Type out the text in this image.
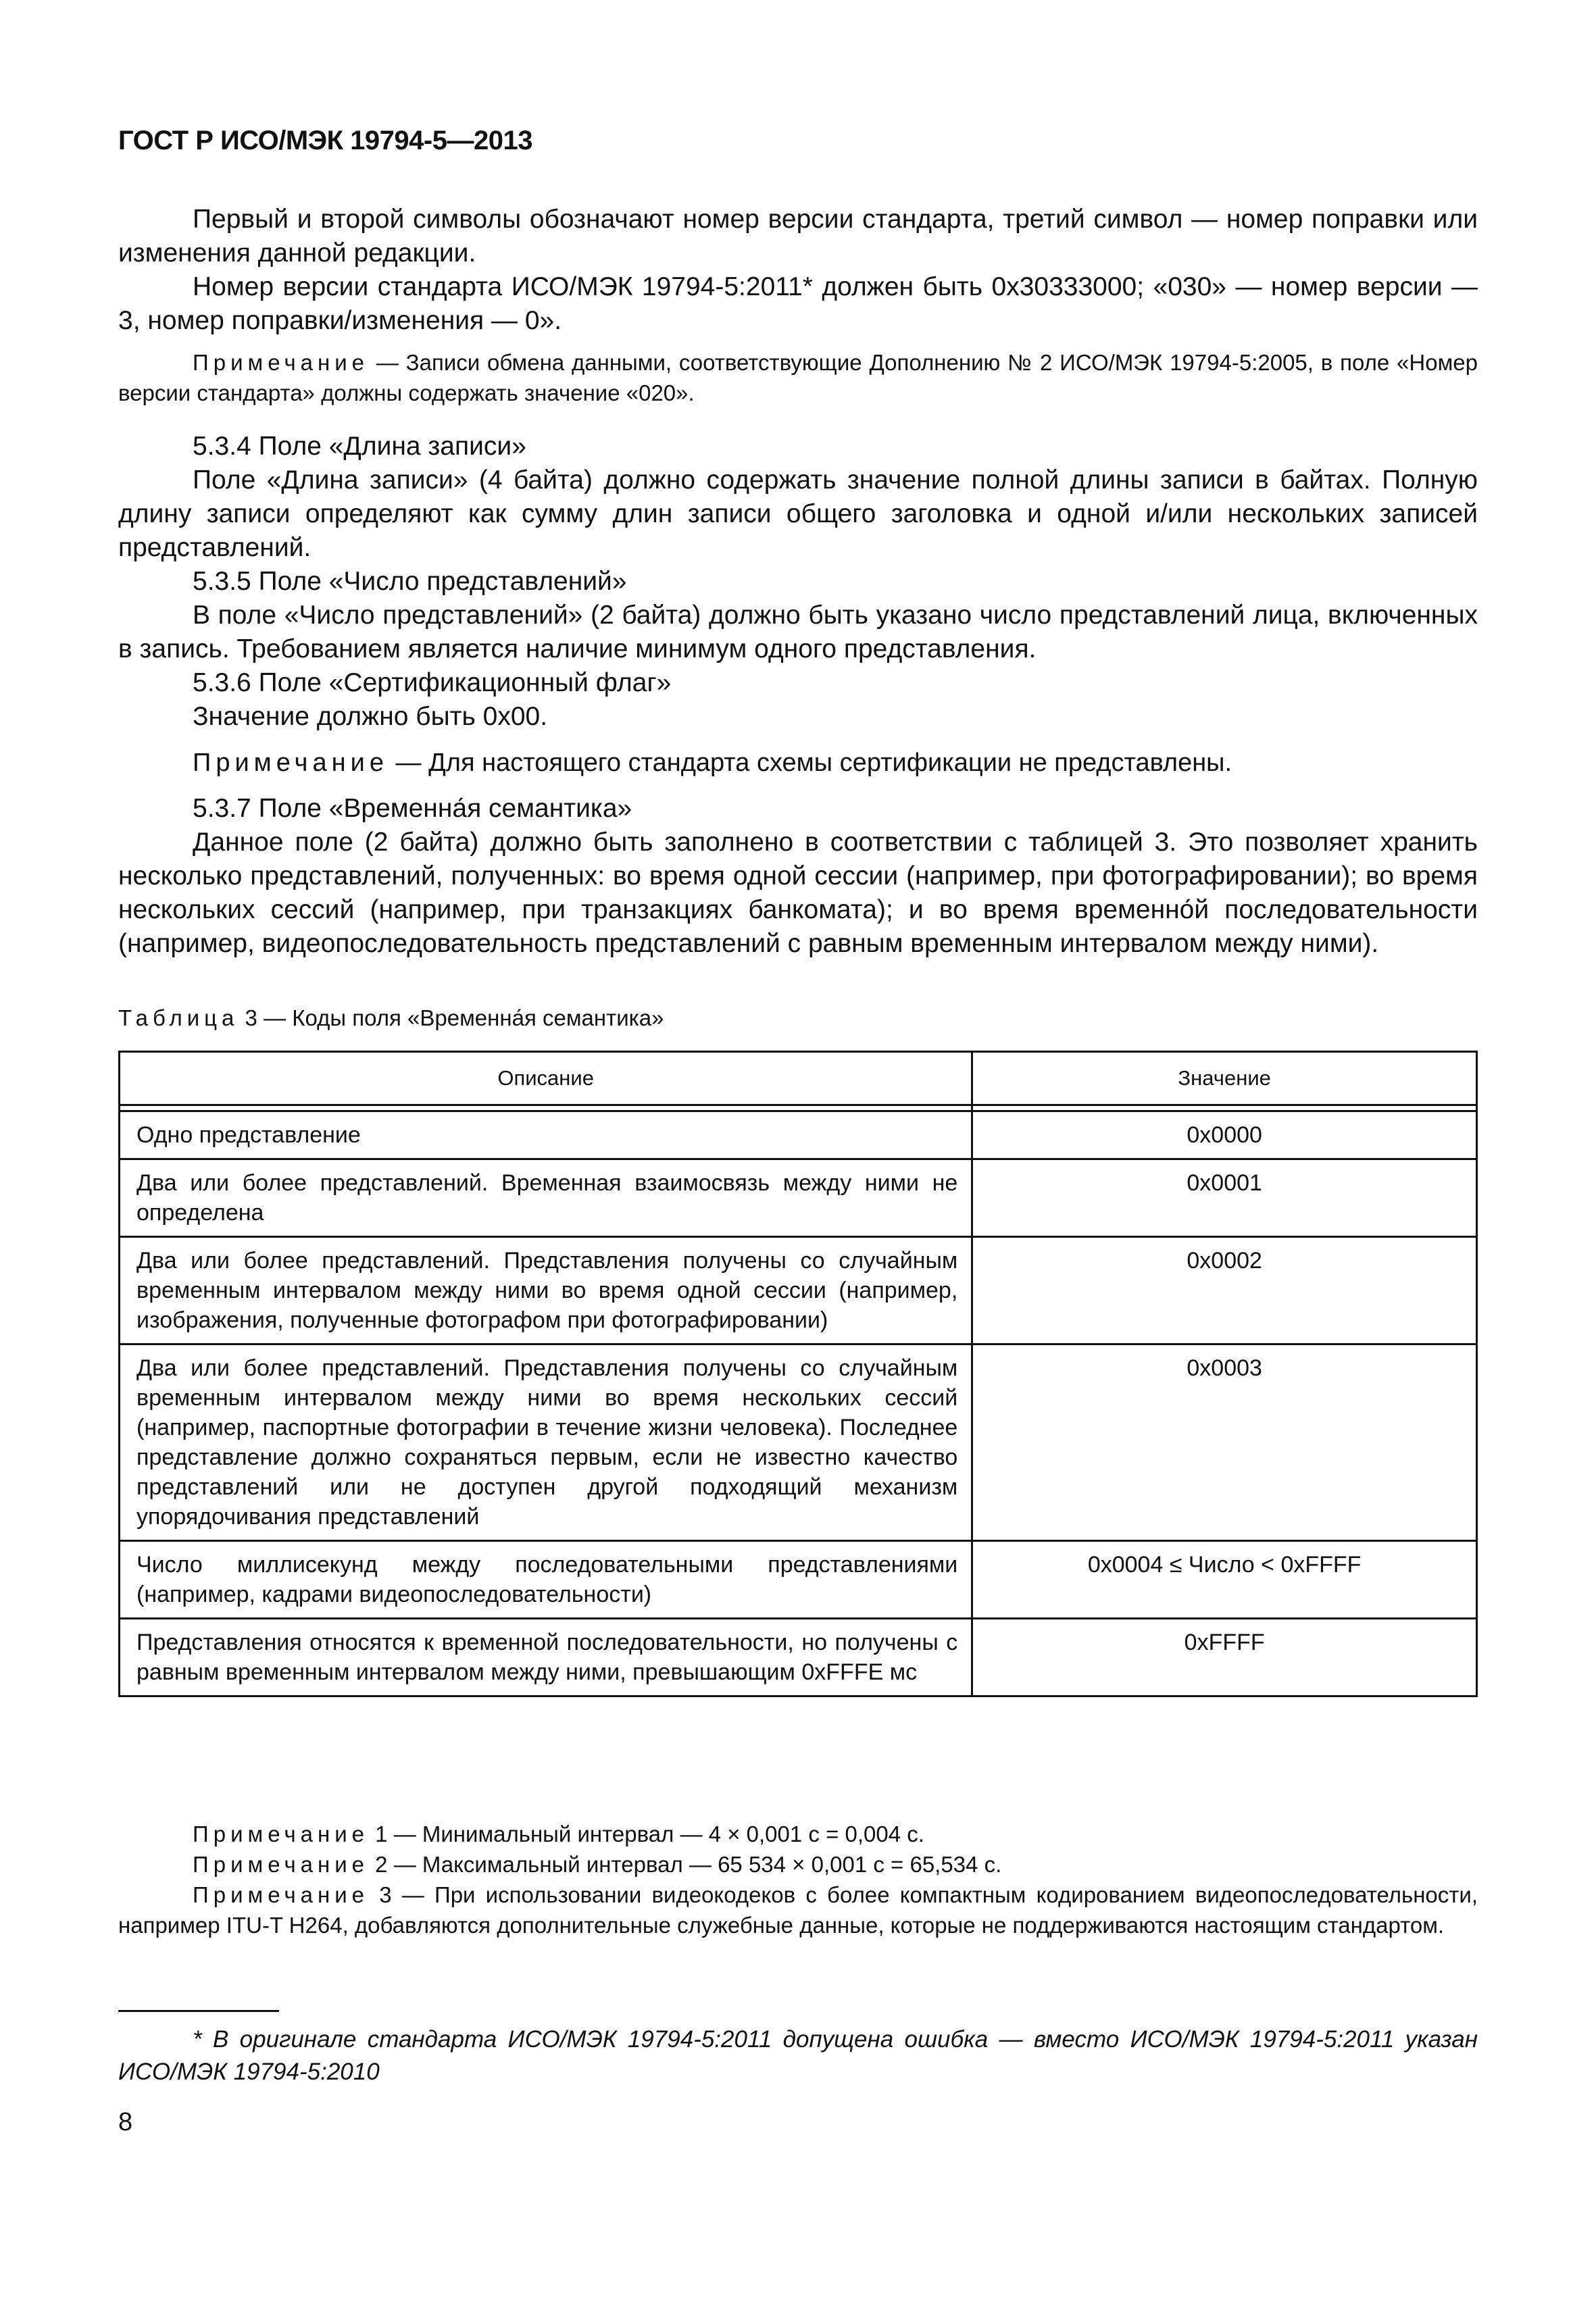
ГОСТ Р ИСО/МЭК 19794-5—2013

Первый и второй символы обозначают номер версии стандарта, третий символ — номер поправки или изменения данной редакции.

Номер версии стандарта ИСО/МЭК 19794-5:2011* должен быть 0х30333000; «030» — номер версии — 3, номер поправки/изменения — 0».

Примечание — Записи обмена данными, соответствующие Дополнению № 2 ИСО/МЭК 19794-5:2005, в поле «Номер версии стандарта» должны содержать значение «020».

5.3.4 Поле «Длина записи»

Поле «Длина записи» (4 байта) должно содержать значение полной длины записи в байтах. Полную длину записи определяют как сумму длин записи общего заголовка и одной и/или нескольких записей представлений.

5.3.5 Поле «Число представлений»

В поле «Число представлений» (2 байта) должно быть указано число представлений лица, включенных в запись. Требованием является наличие минимум одного представления.

5.3.6 Поле «Сертификационный флаг»

Значение должно быть 0х00.

Примечание — Для настоящего стандарта схемы сертификации не представлены.

5.3.7 Поле «Временна́я семантика»

Данное поле (2 байта) должно быть заполнено в соответствии с таблицей 3. Это позволяет хранить несколько представлений, полученных: во время одной сессии (например, при фотографировании); во время нескольких сессий (например, при транзакциях банкомата); и во время временно́й последовательности (например, видеопоследовательность представлений с равным временным интервалом между ними).

Таблица 3 — Коды поля «Временна́я семантика»
Описание	Значение

Одно представление	0х0000
Два или более представлений. Временная взаимосвязь между ними не определена	0х0001
Два или более представлений. Представления получены со случайным временным интервалом между ними во время одной сессии (например, изображения, полученные фотографом при фотографировании)	0х0002
Два или более представлений. Представления получены со случайным временным интервалом между ними во время нескольких сессий (например, паспортные фотографии в течение жизни человека). Последнее представление должно сохраняться первым, если не известно качество представлений или не доступен другой подходящий механизм упорядочивания представлений	0х0003
Число миллисекунд между последовательными представлениями (например, кадрами видеопоследовательности)	0х0004 ≤ Число < 0хFFFF
Представления относятся к временной последовательности, но получены с равным временным интервалом между ними, превышающим 0хFFFE мс	0хFFFF

Примечание 1 — Минимальный интервал — 4 × 0,001 с = 0,004 с.

Примечание 2 — Максимальный интервал — 65 534 × 0,001 с = 65,534 с.

Примечание 3 — При использовании видеокодеков с более компактным кодированием видеопоследовательности, например ITU-T H264, добавляются дополнительные служебные данные, которые не поддерживаются настоящим стандартом.

* В оригинале стандарта ИСО/МЭК 19794-5:2011 допущена ошибка — вместо ИСО/МЭК 19794-5:2011 указан ИСО/МЭК 19794-5:2010
8
